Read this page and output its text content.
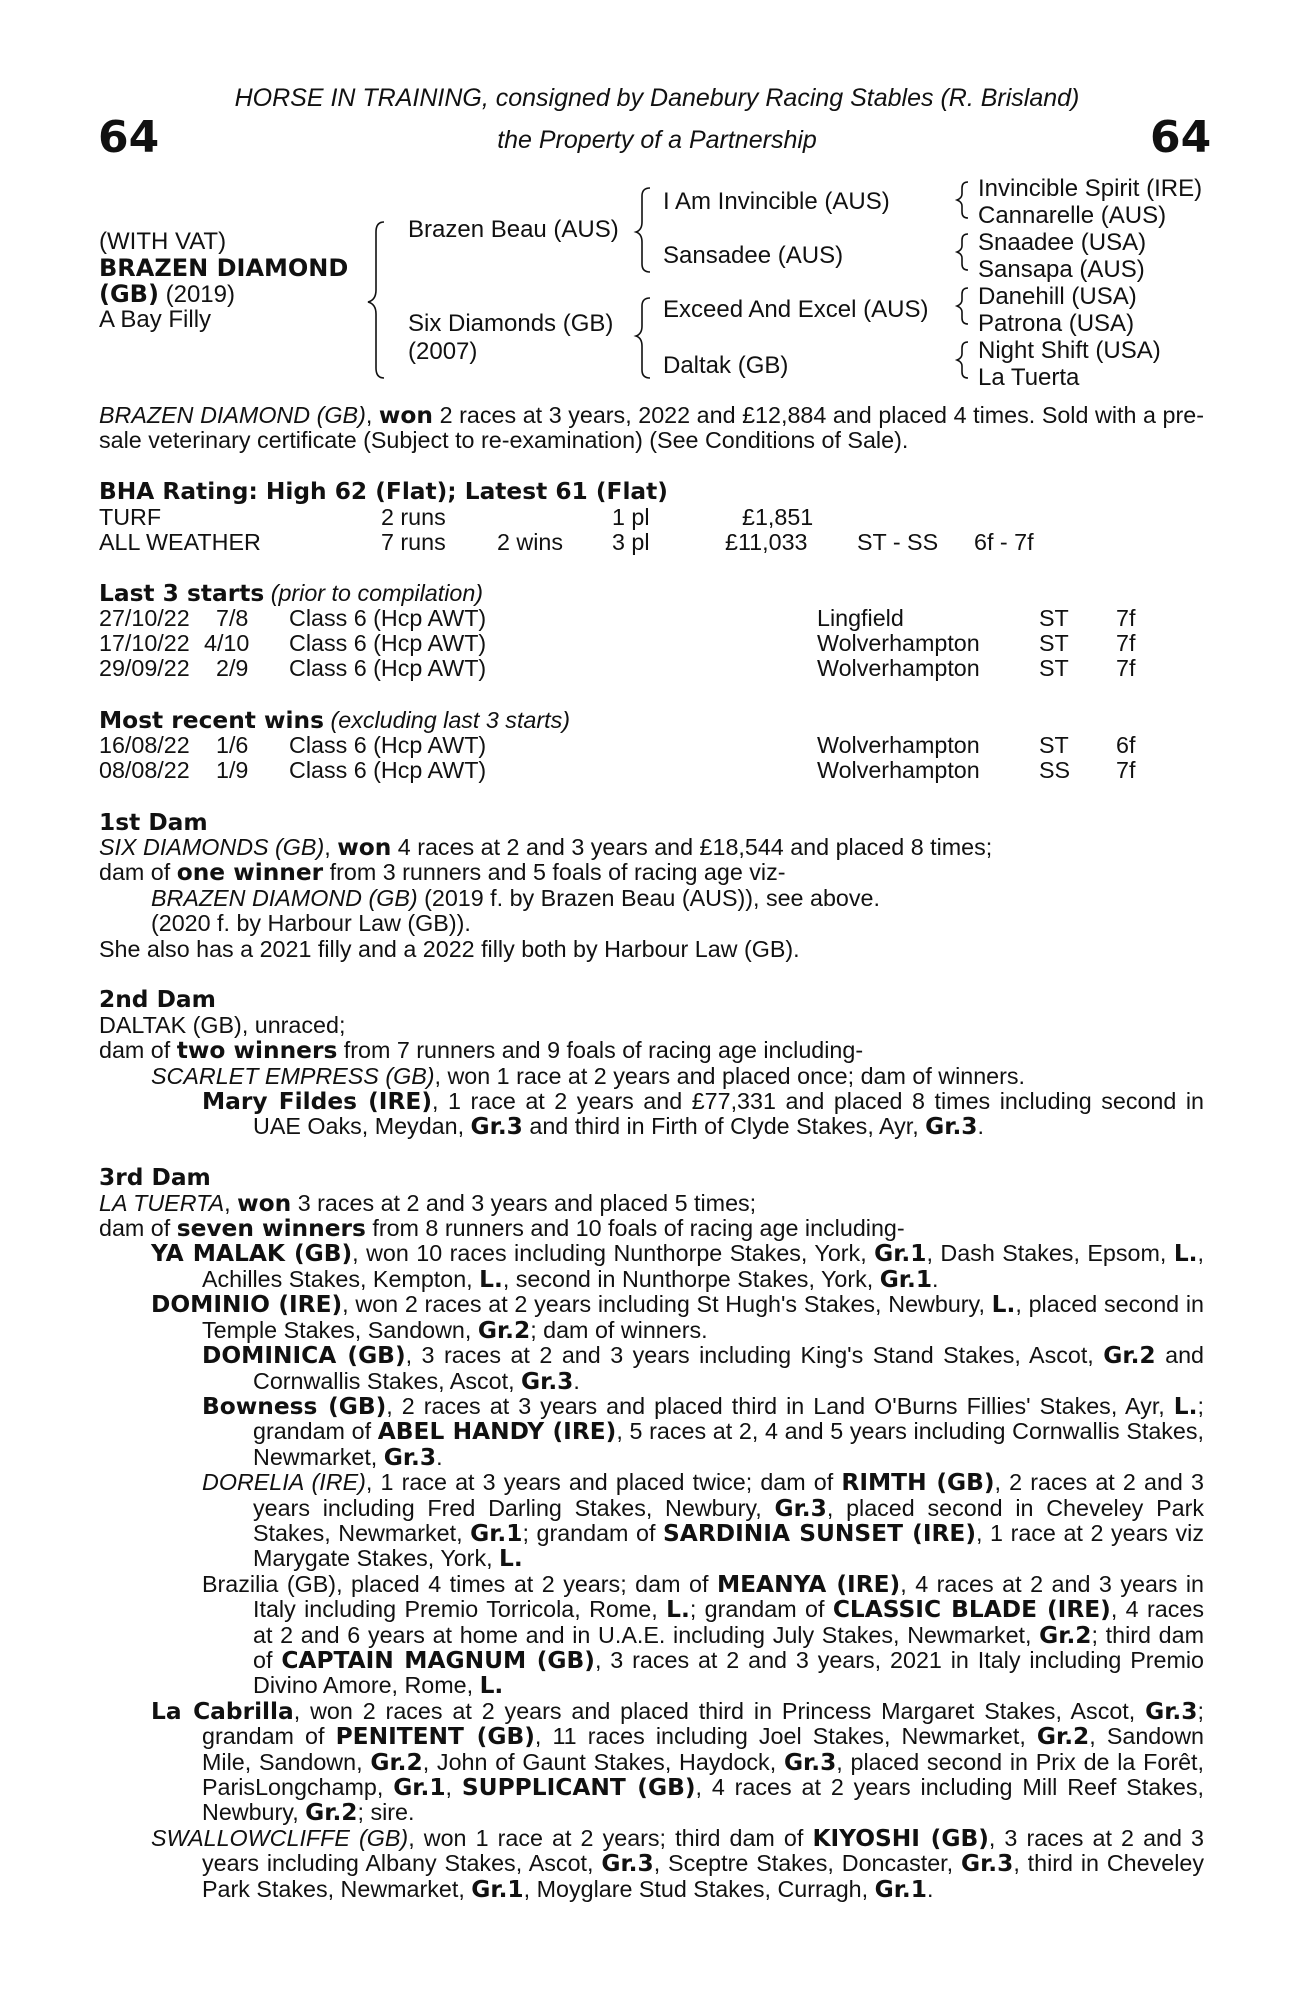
64	64
HORSE IN TRAINING, consigned by Danebury Racing Stables (R. Brisland)
the Property of a Partnership
(WITH VAT)
BRAZEN DIAMOND
(GB) (2019)
A Bay Filly
Brazen Beau (AUS)
Six Diamonds (GB)
(2007)
I Am Invincible (AUS)
Sansadee (AUS)
Exceed And Excel (AUS)
Daltak (GB)
Invincible Spirit (IRE)
Cannarelle (AUS)
Snaadee (USA)
Sansapa (AUS)
Danehill (USA)
Patrona (USA)
Night Shift (USA)
La Tuerta

BRAZEN DIAMOND (GB), won 2 races at 3 years, 2022 and £12,884 and placed 4 times. Sold with a pre-sale veterinary certificate (Subject to re-examination) (See Conditions of Sale).

BHA Rating: High 62 (Flat); Latest 61 (Flat)

TURF	2 runs	1 pl	£1,851
ALL WEATHER	7 runs 2 wins 3 pl	£11,033 ST - SS 6f - 7f

Last 3 starts (prior to compilation)

27/10/22 7/8 Class 6 (Hcp AWT)	Lingfield	ST 7f
17/10/22 4/10 Class 6 (Hcp AWT)	Wolverhampton	ST 7f
29/09/22 2/9 Class 6 (Hcp AWT)	Wolverhampton	ST 7f

Most recent wins (excluding last 3 starts)

16/08/22 1/6 Class 6 (Hcp AWT)	Wolverhampton	ST 6f
08/08/22 1/9 Class 6 (Hcp AWT)	Wolverhampton	SS 7f

1st Dam

SIX DIAMONDS (GB), won 4 races at 2 and 3 years and £18,544 and placed 8 times;

dam of one winner from 3 runners and 5 foals of racing age viz-

BRAZEN DIAMOND (GB) (2019 f. by Brazen Beau (AUS)), see above.

(2020 f. by Harbour Law (GB)).

She also has a 2021 filly and a 2022 filly both by Harbour Law (GB).

2nd Dam

DALTAK (GB), unraced;

dam of two winners from 7 runners and 9 foals of racing age including-

SCARLET EMPRESS (GB), won 1 race at 2 years and placed once; dam of winners.

Mary Fildes (IRE), 1 race at 2 years and £77,331 and placed 8 times including second in UAE Oaks, Meydan, Gr.3 and third in Firth of Clyde Stakes, Ayr, Gr.3.

3rd Dam

LA TUERTA, won 3 races at 2 and 3 years and placed 5 times;

dam of seven winners from 8 runners and 10 foals of racing age including-

YA MALAK (GB), won 10 races including Nunthorpe Stakes, York, Gr.1, Dash Stakes, Epsom, L., Achilles Stakes, Kempton, L., second in Nunthorpe Stakes, York, Gr.1.

DOMINIO (IRE), won 2 races at 2 years including St Hugh's Stakes, Newbury, L., placed second in Temple Stakes, Sandown, Gr.2; dam of winners.

DOMINICA (GB), 3 races at 2 and 3 years including King's Stand Stakes, Ascot, Gr.2 and Cornwallis Stakes, Ascot, Gr.3.

Bowness (GB), 2 races at 3 years and placed third in Land O'Burns Fillies' Stakes, Ayr, L.; grandam of ABEL HANDY (IRE), 5 races at 2, 4 and 5 years including Cornwallis Stakes, Newmarket, Gr.3.

DORELIA (IRE), 1 race at 3 years and placed twice; dam of RIMTH (GB), 2 races at 2 and 3 years including Fred Darling Stakes, Newbury, Gr.3, placed second in Cheveley Park Stakes, Newmarket, Gr.1; grandam of SARDINIA SUNSET (IRE), 1 race at 2 years viz Marygate Stakes, York, L.

Brazilia (GB), placed 4 times at 2 years; dam of MEANYA (IRE), 4 races at 2 and 3 years in Italy including Premio Torricola, Rome, L.; grandam of CLASSIC BLADE (IRE), 4 races at 2 and 6 years at home and in U.A.E. including July Stakes, Newmarket, Gr.2; third dam of CAPTAIN MAGNUM (GB), 3 races at 2 and 3 years, 2021 in Italy including Premio Divino Amore, Rome, L.

La Cabrilla, won 2 races at 2 years and placed third in Princess Margaret Stakes, Ascot, Gr.3; grandam of PENITENT (GB), 11 races including Joel Stakes, Newmarket, Gr.2, Sandown Mile, Sandown, Gr.2, John of Gaunt Stakes, Haydock, Gr.3, placed second in Prix de la Forêt, ParisLongchamp, Gr.1, SUPPLICANT (GB), 4 races at 2 years including Mill Reef Stakes, Newbury, Gr.2; sire.

SWALLOWCLIFFE (GB), won 1 race at 2 years; third dam of KIYOSHI (GB), 3 races at 2 and 3 years including Albany Stakes, Ascot, Gr.3, Sceptre Stakes, Doncaster, Gr.3, third in Cheveley Park Stakes, Newmarket, Gr.1, Moyglare Stud Stakes, Curragh, Gr.1.
